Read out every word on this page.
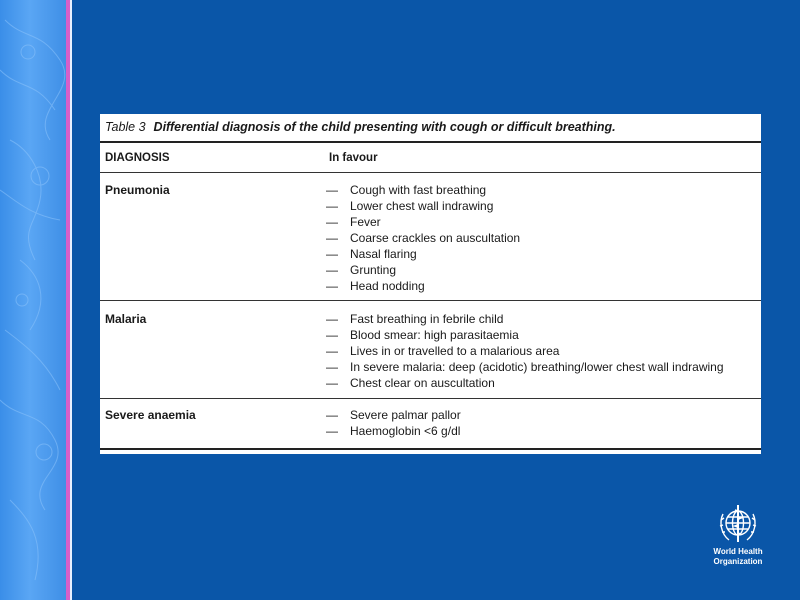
Table 3 Differential diagnosis of the child presenting with cough or difficult breathing.
DIAGNOSIS	In favour
Pneumonia	— Cough with fast breathing
— Lower chest wall indrawing
— Fever
— Coarse crackles on auscultation
— Nasal flaring
— Grunting
— Head nodding
Malaria	— Fast breathing in febrile child
— Blood smear: high parasitaemia
— Lives in or travelled to a malarious area
— In severe malaria: deep (acidotic) breathing/lower chest wall indrawing
— Chest clear on auscultation
Severe anaemia	— Severe palmar pallor
— Haemoglobin <6 g/dl
World Health
Organization
